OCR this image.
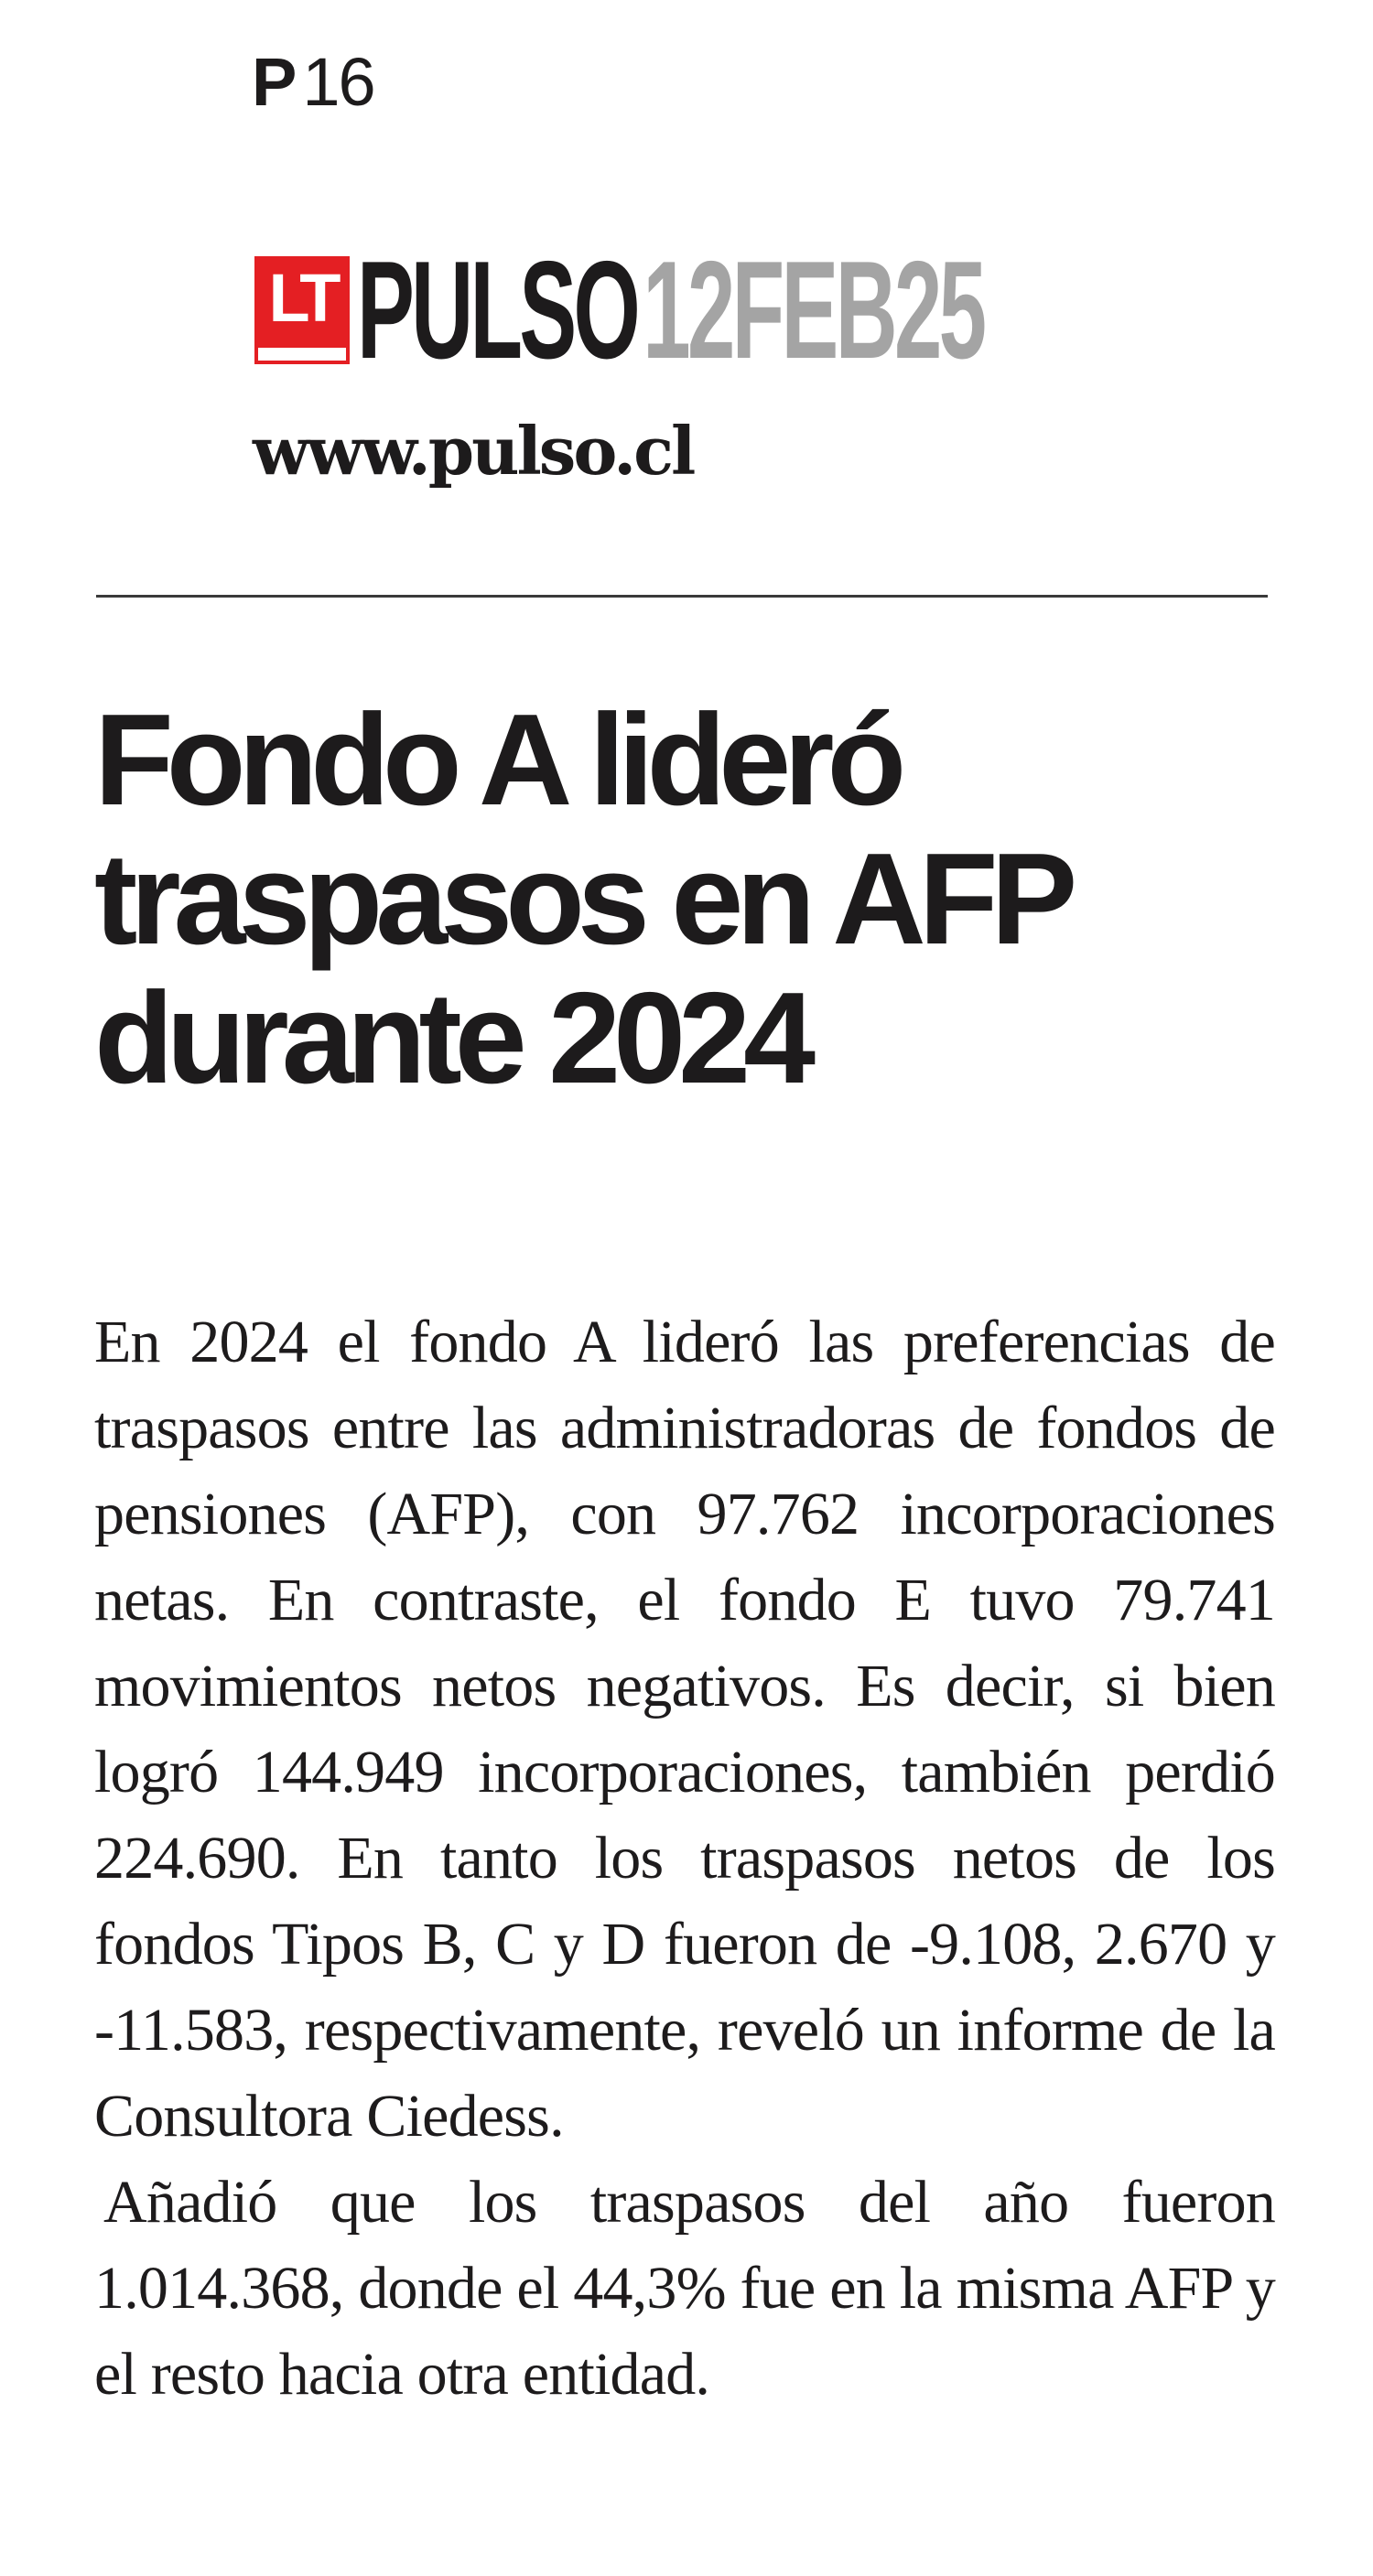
P 16
LT PULSO12FEB25
www.pulso.cl
Fondo A lideró traspasos en AFP durante 2024

En 2024 el fondo A lideró las preferencias de traspasos entre las administradoras de fondos de pensiones (AFP), con 97.762 incorporaciones netas. En contraste, el fondo E tuvo 79.741 movimientos netos negativos. Es decir, si bien logró 144.949 incorporaciones, también perdió 224.690. En tanto los traspasos netos de los fondos Tipos B, C y D fueron de -9.108, 2.670 y -11.583, respectivamente, reveló un informe de la Consultora Ciedess.

Añadió que los traspasos del año fueron 1.014.368, donde el 44,3% fue en la misma AFP y el resto hacia otra entidad.
